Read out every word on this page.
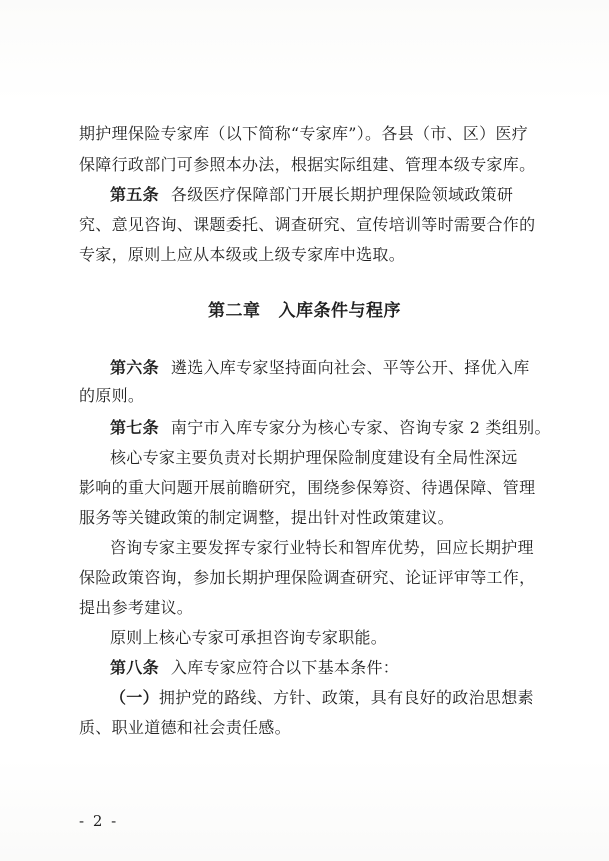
期护理保险专家库（以下简称“专家库”）。各县（市、区）医疗
保障行政部门可参照本办法，根据实际组建、管理本级专家库。
第五条 各级医疗保障部门开展长期护理保险领域政策研
究、意见咨询、课题委托、调查研究、宣传培训等时需要合作的
专家，原则上应从本级或上级专家库中选取。
第二章 入库条件与程序
第六条 遴选入库专家坚持面向社会、平等公开、择优入库
的原则。
第七条 南宁市入库专家分为核心专家、咨询专家 2 类组别。
核心专家主要负责对长期护理保险制度建设有全局性深远
影响的重大问题开展前瞻研究，围绕参保筹资、待遇保障、管理
服务等关键政策的制定调整，提出针对性政策建议。
咨询专家主要发挥专家行业特长和智库优势，回应长期护理
保险政策咨询，参加长期护理保险调查研究、论证评审等工作，
提出参考建议。
原则上核心专家可承担咨询专家职能。
第八条 入库专家应符合以下基本条件：
（一）拥护党的路线、方针、政策，具有良好的政治思想素
质、职业道德和社会责任感。
- 2 -
